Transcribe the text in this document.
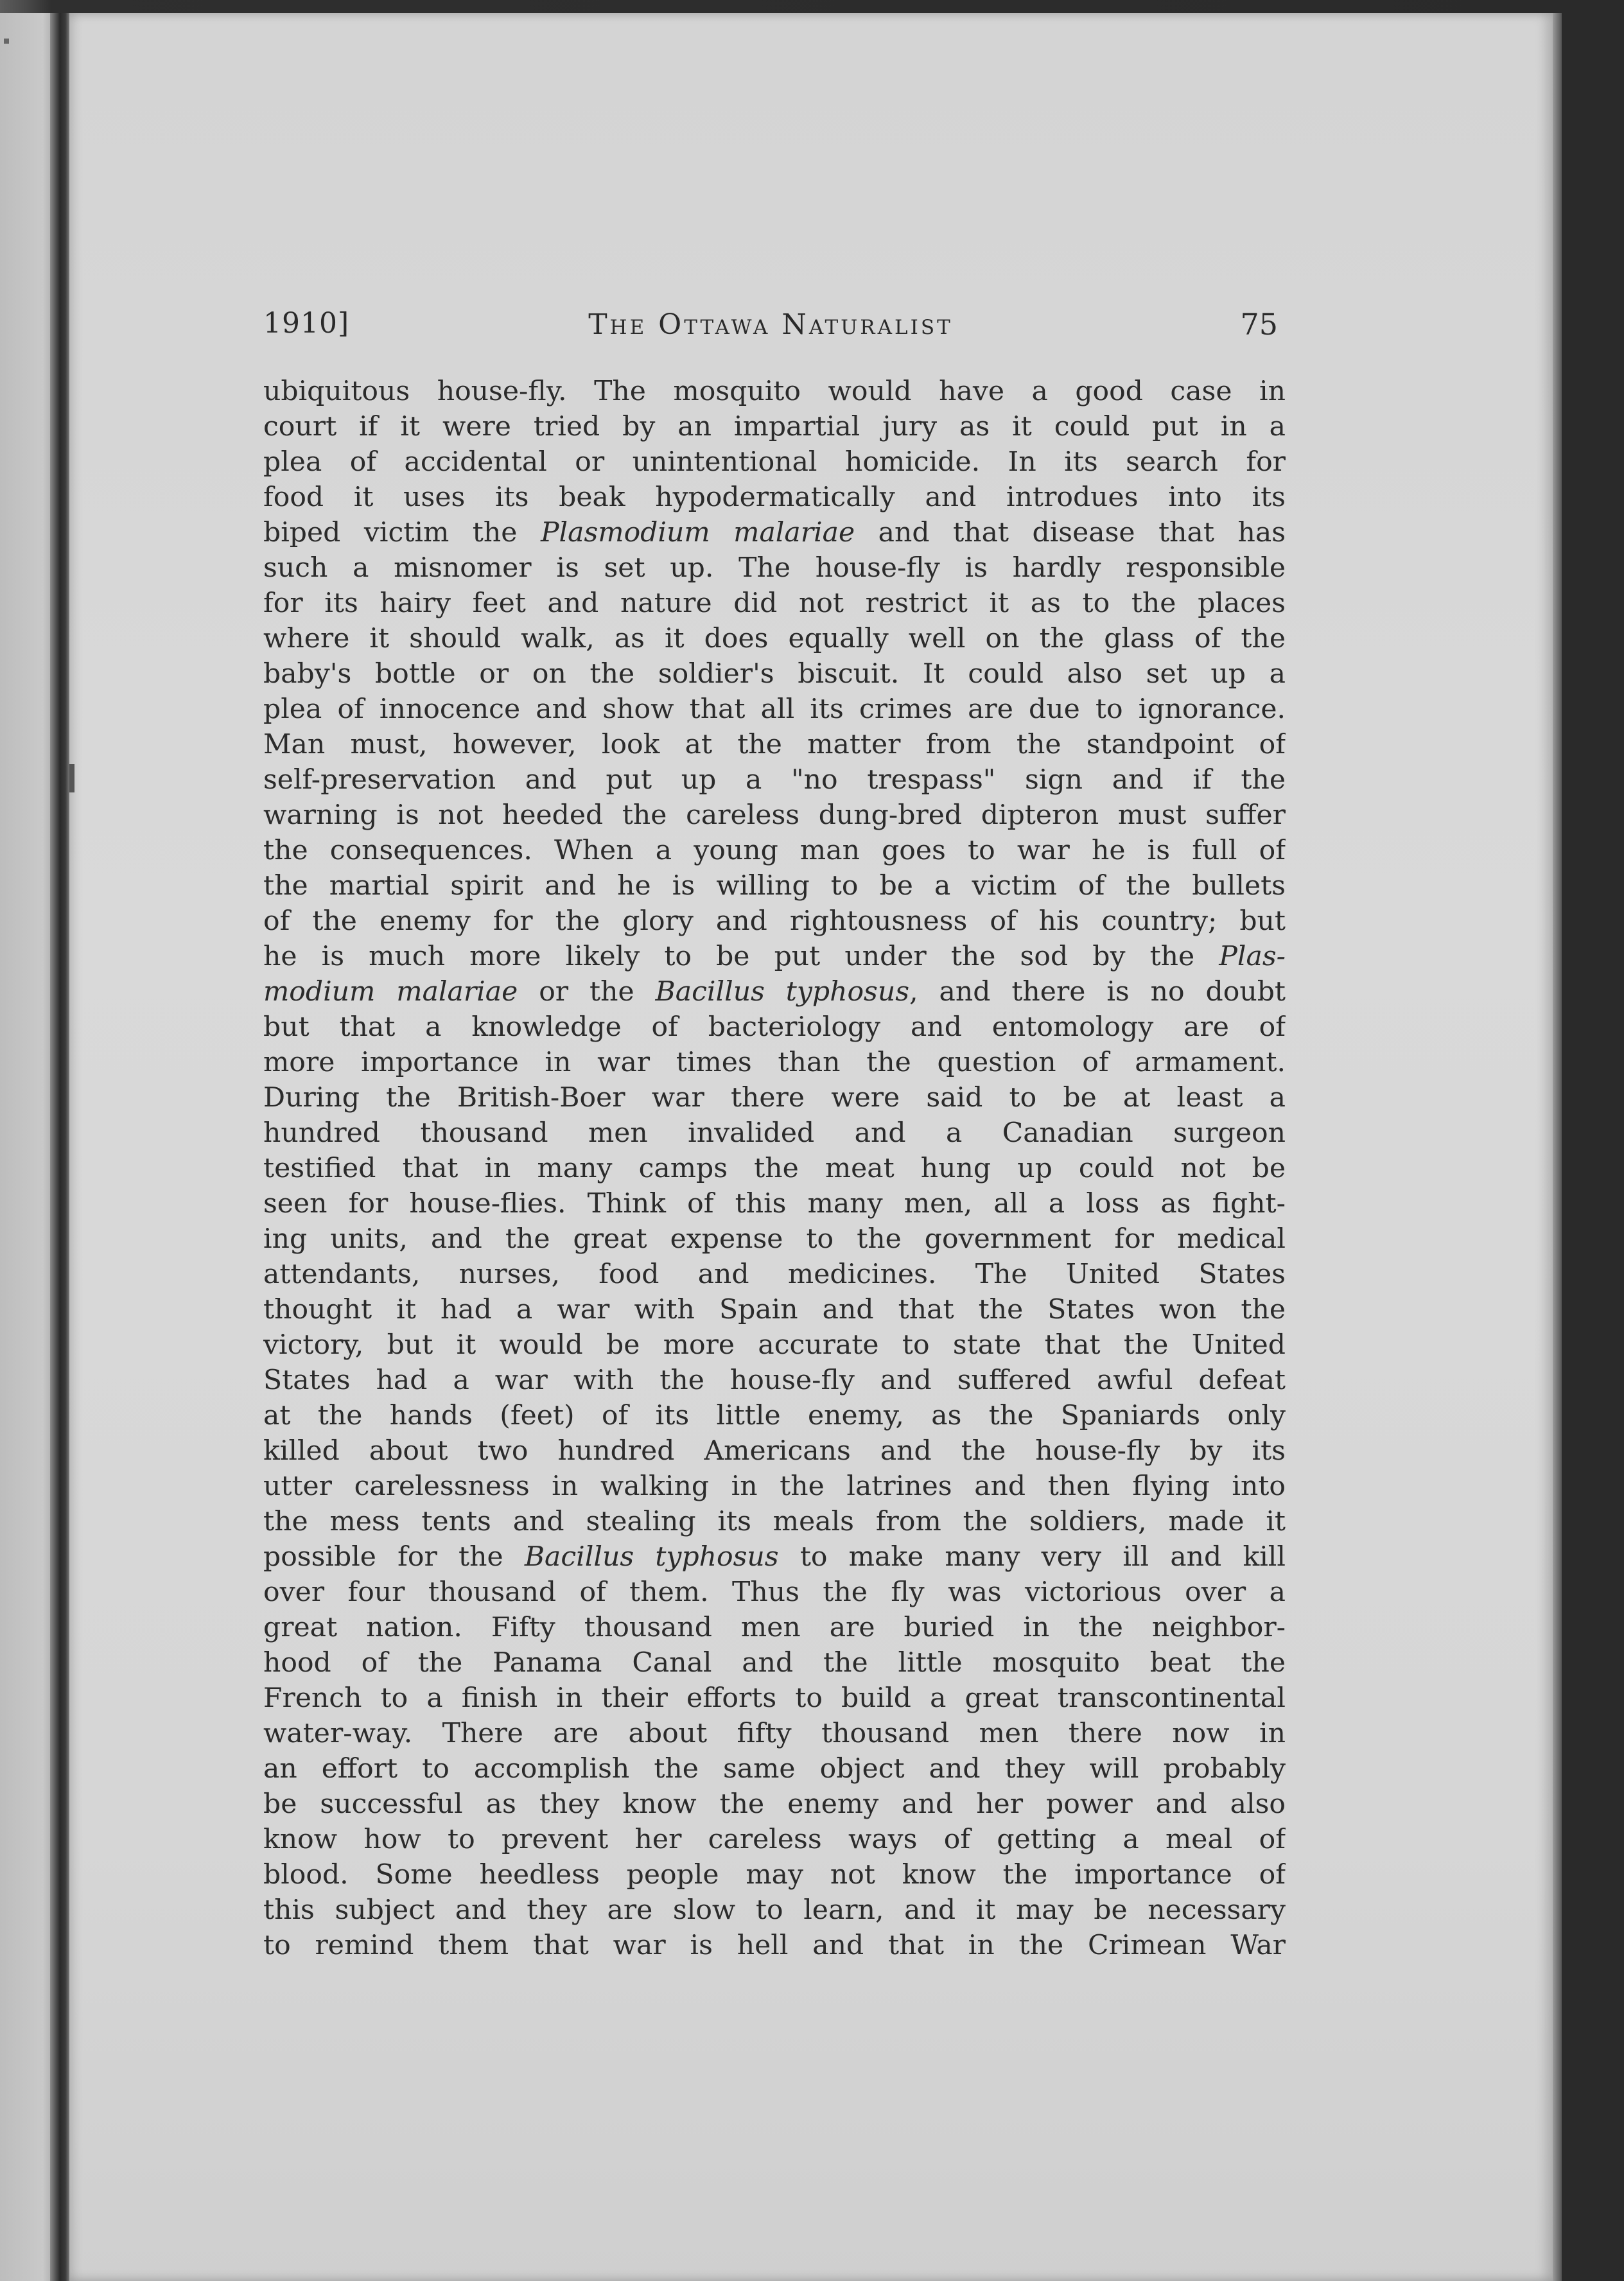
1910]	The Ottawa Naturalist	75
ubiquitous house-fly. The mosquito would have a good case in
court if it were tried by an impartial jury as it could put in a
plea of accidental or unintentional homicide. In its search for
food it uses its beak hypodermatically and introdues into its
biped victim the Plasmodium malariae and that disease that has
such a misnomer is set up. The house-fly is hardly responsible
for its hairy feet and nature did not restrict it as to the places
where it should walk, as it does equally well on the glass of the
baby's bottle or on the soldier's biscuit. It could also set up a
plea of innocence and show that all its crimes are due to ignorance.
Man must, however, look at the matter from the standpoint of
self-preservation and put up a "no trespass" sign and if the
warning is not heeded the careless dung-bred dipteron must suffer
the consequences. When a young man goes to war he is full of
the martial spirit and he is willing to be a victim of the bullets
of the enemy for the glory and rightousness of his country; but
he is much more likely to be put under the sod by the Plas-
modium malariae or the Bacillus typhosus, and there is no doubt
but that a knowledge of bacteriology and entomology are of
more importance in war times than the question of armament.
During the British-Boer war there were said to be at least a
hundred thousand men invalided and a Canadian surgeon
testified that in many camps the meat hung up could not be
seen for house-flies. Think of this many men, all a loss as fight-
ing units, and the great expense to the government for medical
attendants, nurses, food and medicines. The United States
thought it had a war with Spain and that the States won the
victory, but it would be more accurate to state that the United
States had a war with the house-fly and suffered awful defeat
at the hands (feet) of its little enemy, as the Spaniards only
killed about two hundred Americans and the house-fly by its
utter carelessness in walking in the latrines and then flying into
the mess tents and stealing its meals from the soldiers, made it
possible for the Bacillus typhosus to make many very ill and kill
over four thousand of them. Thus the fly was victorious over a
great nation. Fifty thousand men are buried in the neighbor-
hood of the Panama Canal and the little mosquito beat the
French to a finish in their efforts to build a great transcontinental
water-way. There are about fifty thousand men there now in
an effort to accomplish the same object and they will probably
be successful as they know the enemy and her power and also
know how to prevent her careless ways of getting a meal of
blood. Some heedless people may not know the importance of
this subject and they are slow to learn, and it may be necessary
to remind them that war is hell and that in the Crimean War
